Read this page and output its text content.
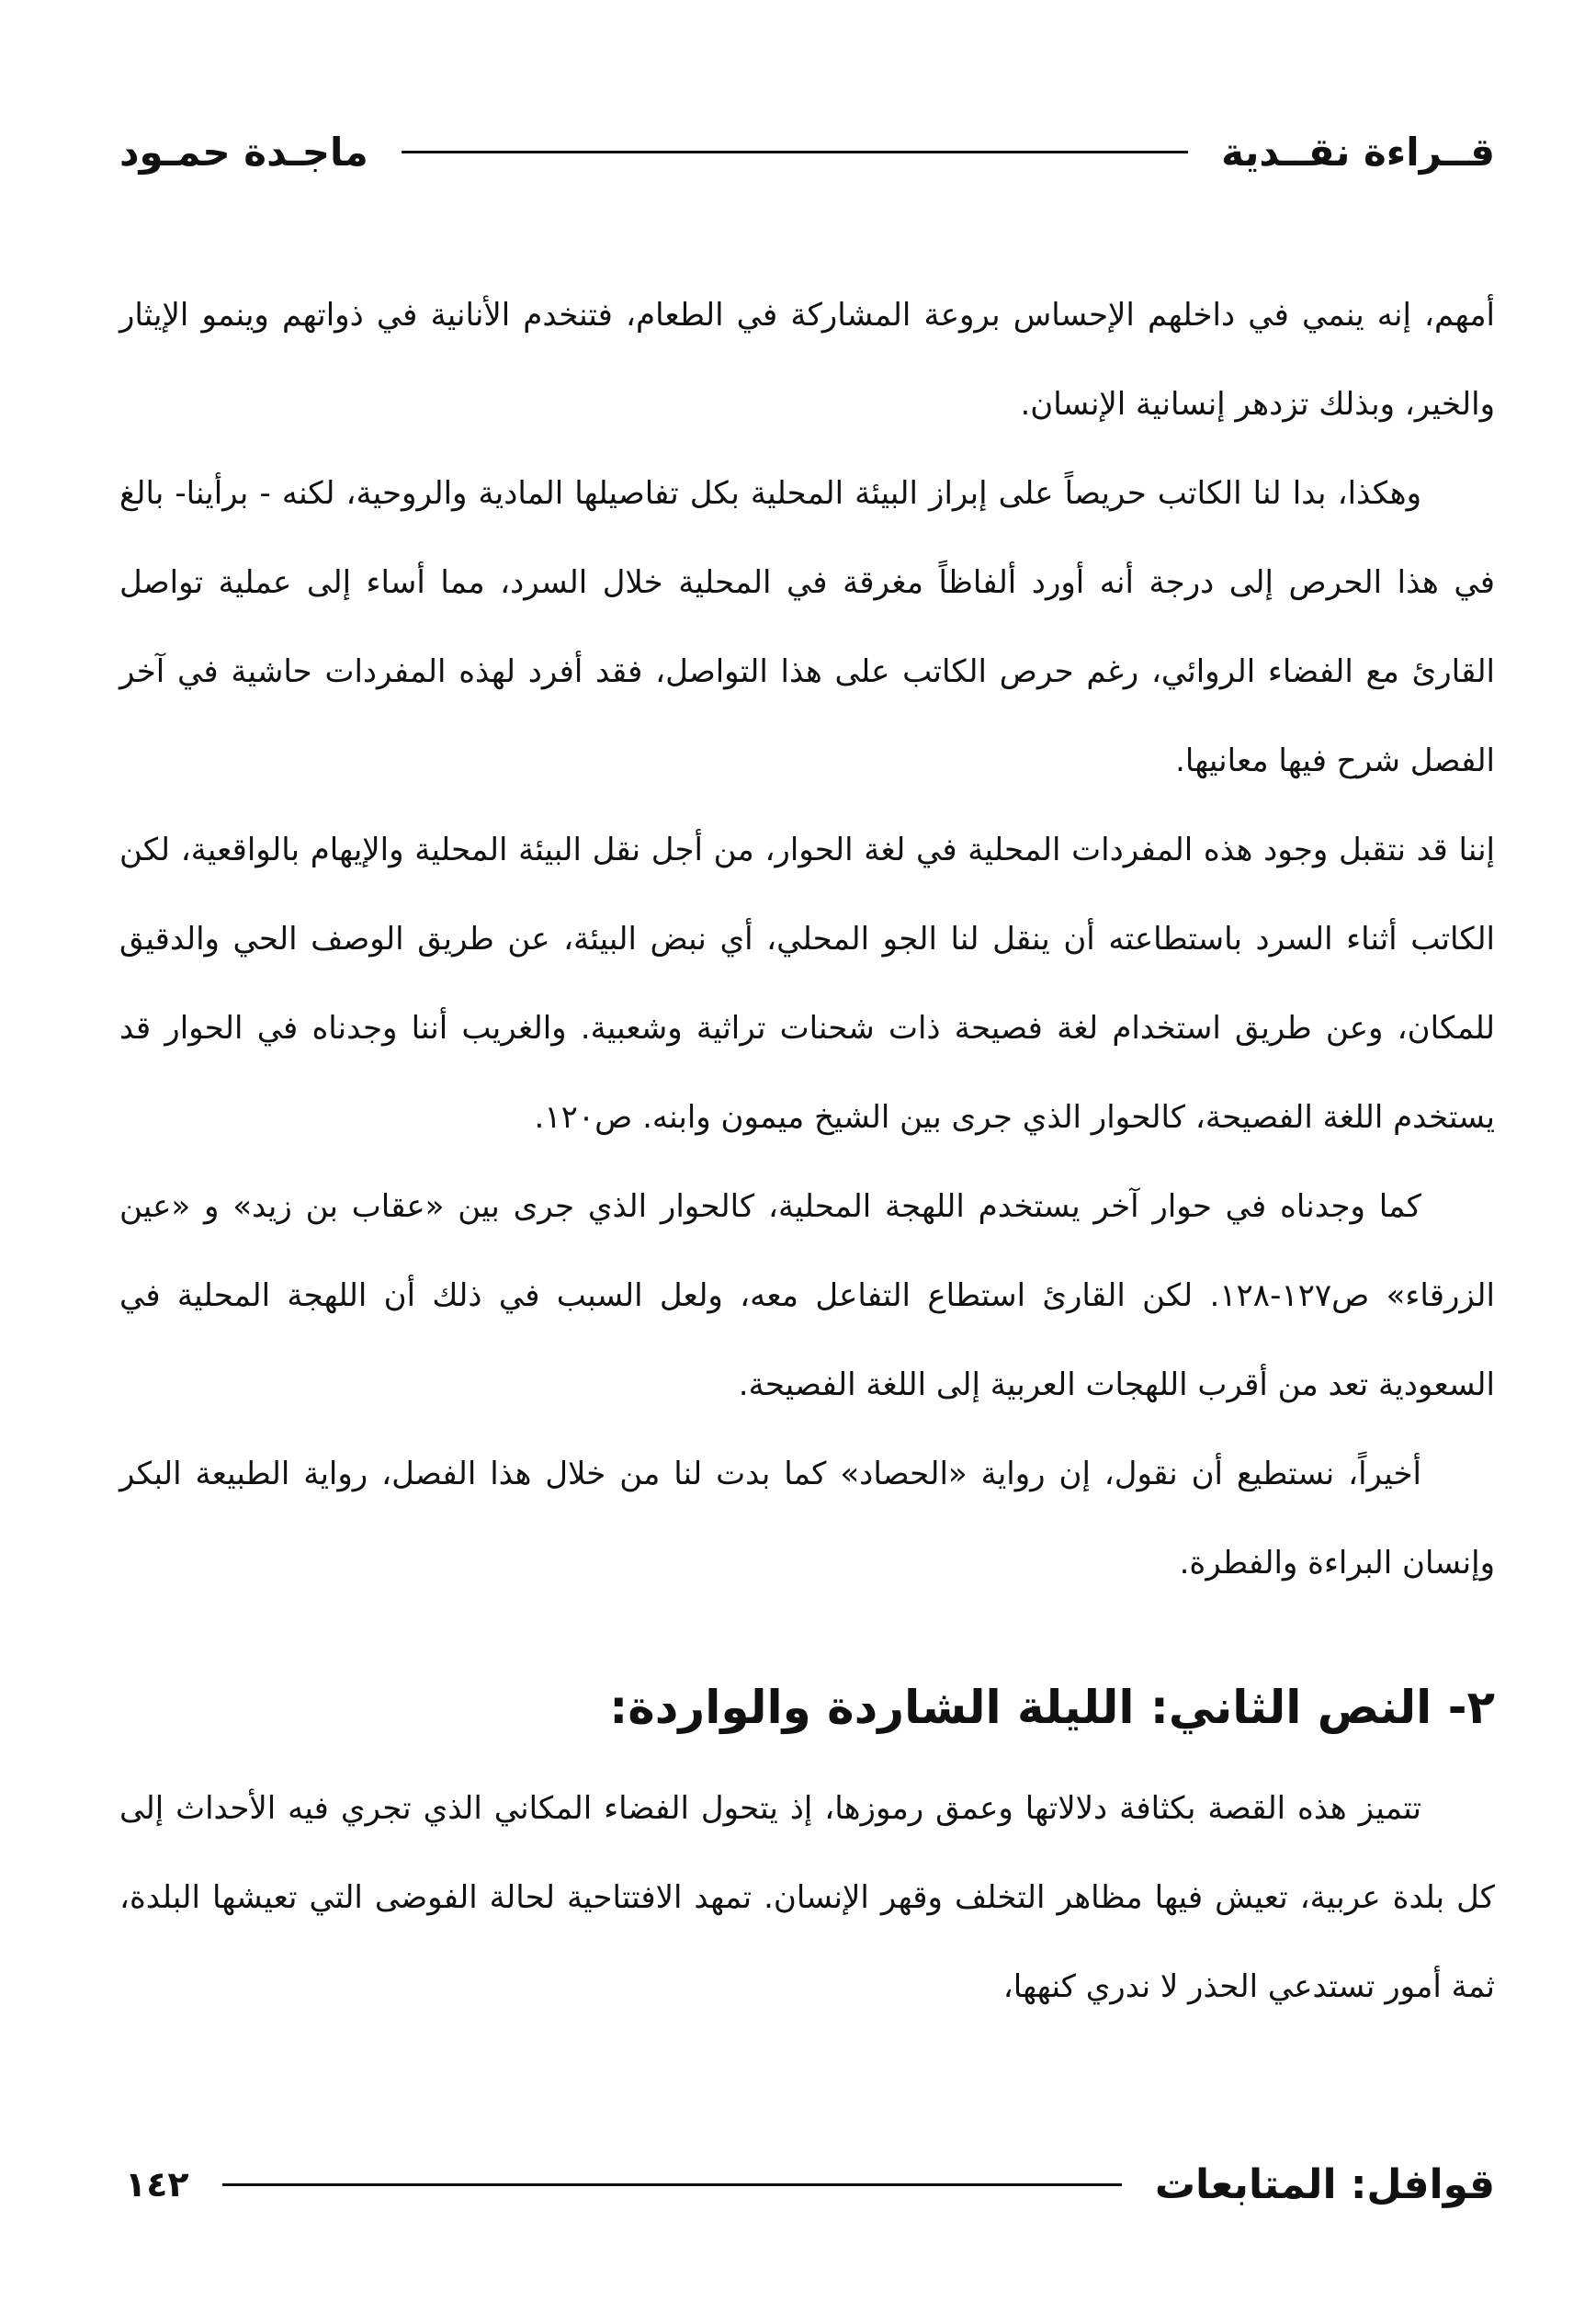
قــراءة نقــدية
ماجـدة حمـود

أمهم، إنه ينمي في داخلهم الإحساس بروعة المشاركة في الطعام، فتنخدم الأنانية في ذواتهم وينمو الإيثار والخير، وبذلك تزدهر إنسانية الإنسان.

وهكذا، بدا لنا الكاتب حريصاً على إبراز البيئة المحلية بكل تفاصيلها المادية والروحية، لكنه - برأينا- بالغ في هذا الحرص إلى درجة أنه أورد ألفاظاً مغرقة في المحلية خلال السرد، مما أساء إلى عملية تواصل القارئ مع الفضاء الروائي، رغم حرص الكاتب على هذا التواصل، فقد أفرد لهذه المفردات حاشية في آخر الفصل شرح فيها معانيها.

إننا قد نتقبل وجود هذه المفردات المحلية في لغة الحوار، من أجل نقل البيئة المحلية والإيهام بالواقعية، لكن الكاتب أثناء السرد باستطاعته أن ينقل لنا الجو المحلي، أي نبض البيئة، عن طريق الوصف الحي والدقيق للمكان، وعن طريق استخدام لغة فصيحة ذات شحنات تراثية وشعبية. والغريب أننا وجدناه في الحوار قد يستخدم اللغة الفصيحة، كالحوار الذي جرى بين الشيخ ميمون وابنه. ص١٢٠.

كما وجدناه في حوار آخر يستخدم اللهجة المحلية، كالحوار الذي جرى بين «عقاب بن زيد» و «عين الزرقاء» ص١٢٧-١٢٨. لكن القارئ استطاع التفاعل معه، ولعل السبب في ذلك أن اللهجة المحلية في السعودية تعد من أقرب اللهجات العربية إلى اللغة الفصيحة.

أخيراً، نستطيع أن نقول، إن رواية «الحصاد» كما بدت لنا من خلال هذا الفصل، رواية الطبيعة البكر وإنسان البراءة والفطرة.

٢- النص الثاني: الليلة الشاردة والواردة:

تتميز هذه القصة بكثافة دلالاتها وعمق رموزها، إذ يتحول الفضاء المكاني الذي تجري فيه الأحداث إلى كل بلدة عربية، تعيش فيها مظاهر التخلف وقهر الإنسان. تمهد الافتتاحية لحالة الفوضى التي تعيشها البلدة، ثمة أمور تستدعي الحذر لا ندري كنهها،

قوافل: المتابعات
١٤٢
